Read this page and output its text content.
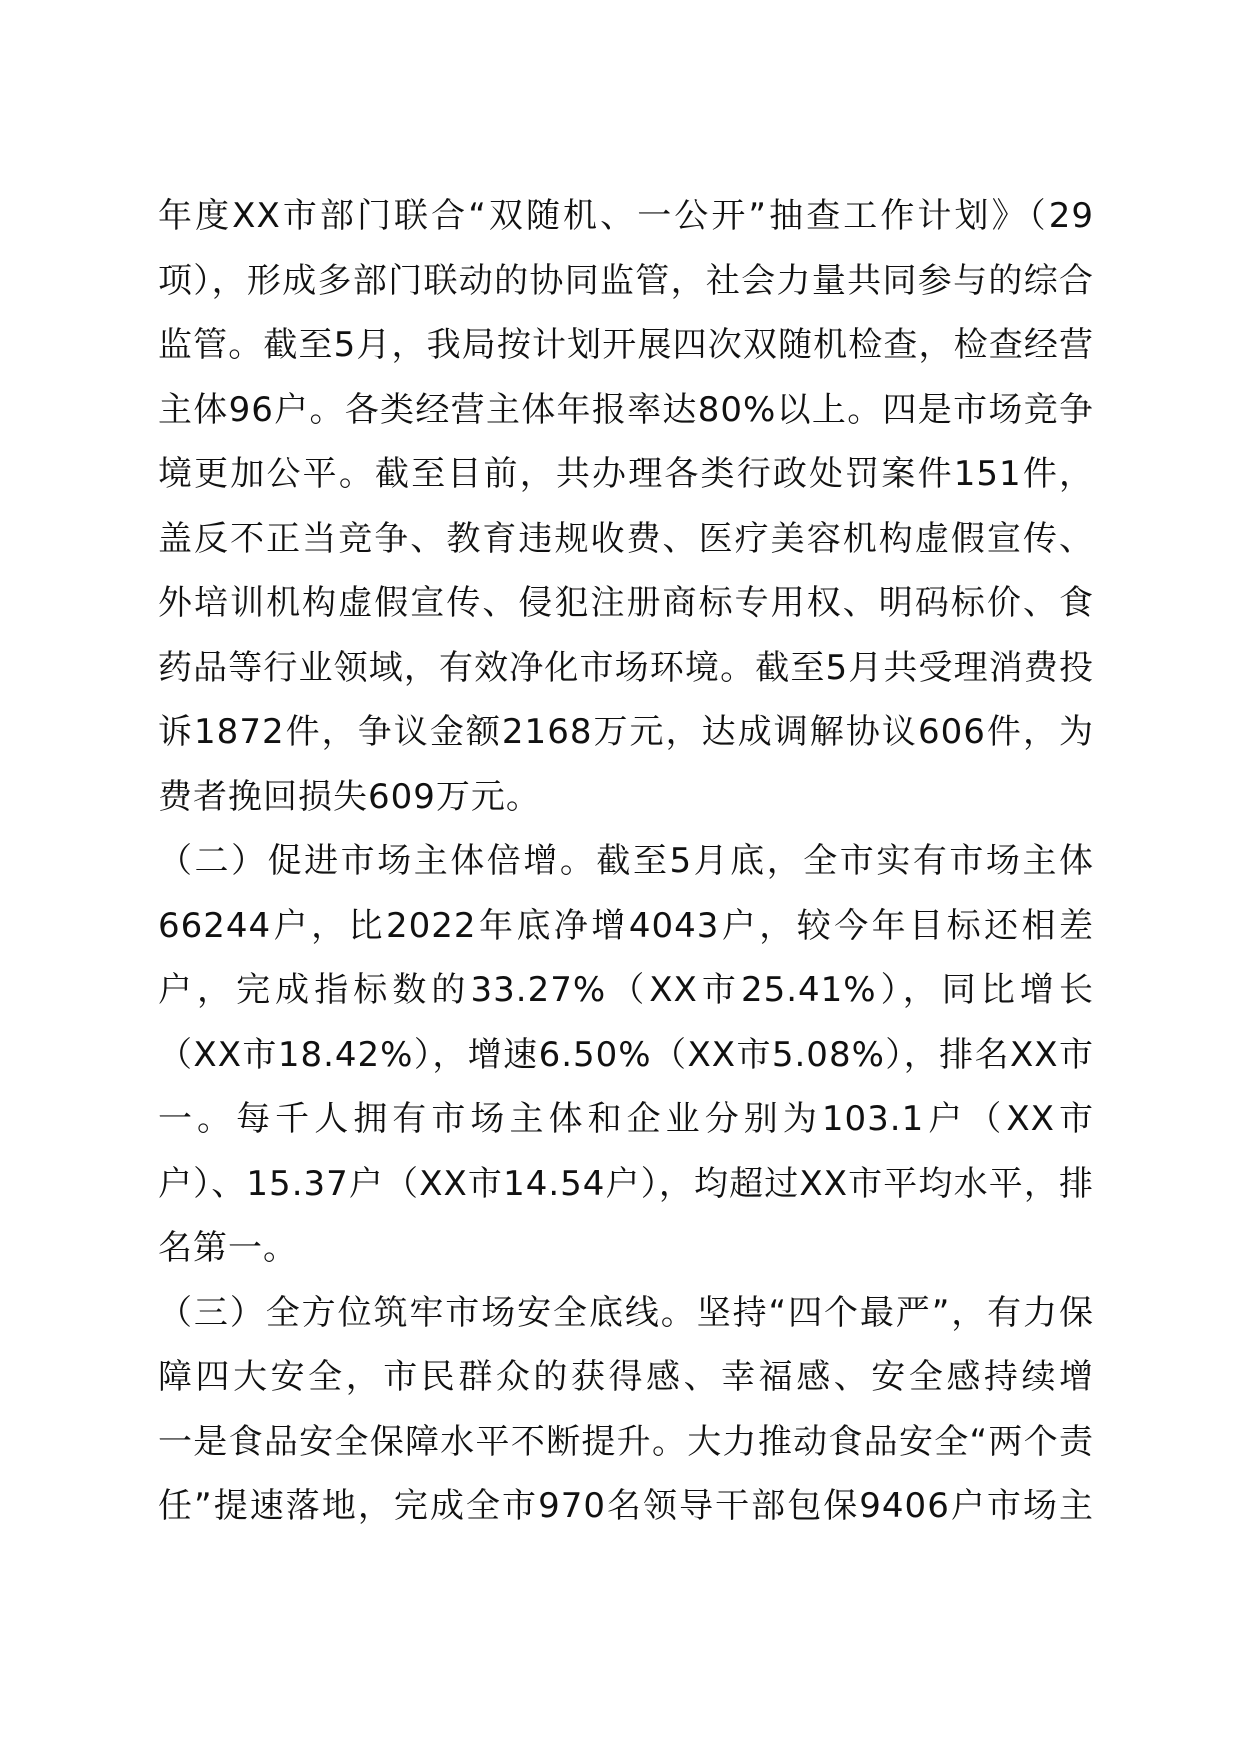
年度XX市部门联合“双随机、一公开”抽查工作计划》（29
项），形成多部门联动的协同监管，社会力量共同参与的综合
监管。截至5月，我局按计划开展四次双随机检查，检查经营
主体96户。各类经营主体年报率达80%以上。四是市场竞争
境更加公平。截至目前，共办理各类行政处罚案件151件，
盖反不正当竞争、教育违规收费、医疗美容机构虚假宣传、
外培训机构虚假宣传、侵犯注册商标专用权、明码标价、食
药品等行业领域，有效净化市场环境。截至5月共受理消费投
诉1872件，争议金额2168万元，达成调解协议606件，为
费者挽回损失609万元。
（二）促进市场主体倍增。截至5月底，全市实有市场主体
66244户，比2022年底净增4043户，较今年目标还相差
户，完成指标数的33.27%（XX市25.41%），同比增长
（XX市18.42%），增速6.50%（XX市5.08%），排名XX市
一。每千人拥有市场主体和企业分别为103.1户（XX市
户）、15.37户（XX市14.54户），均超过XX市平均水平，排
名第一。
（三）全方位筑牢市场安全底线。坚持“四个最严”，有力保
障四大安全，市民群众的获得感、幸福感、安全感持续增
一是食品安全保障水平不断提升。大力推动食品安全“两个责
任”提速落地，完成全市970名领导干部包保9406户市场主
